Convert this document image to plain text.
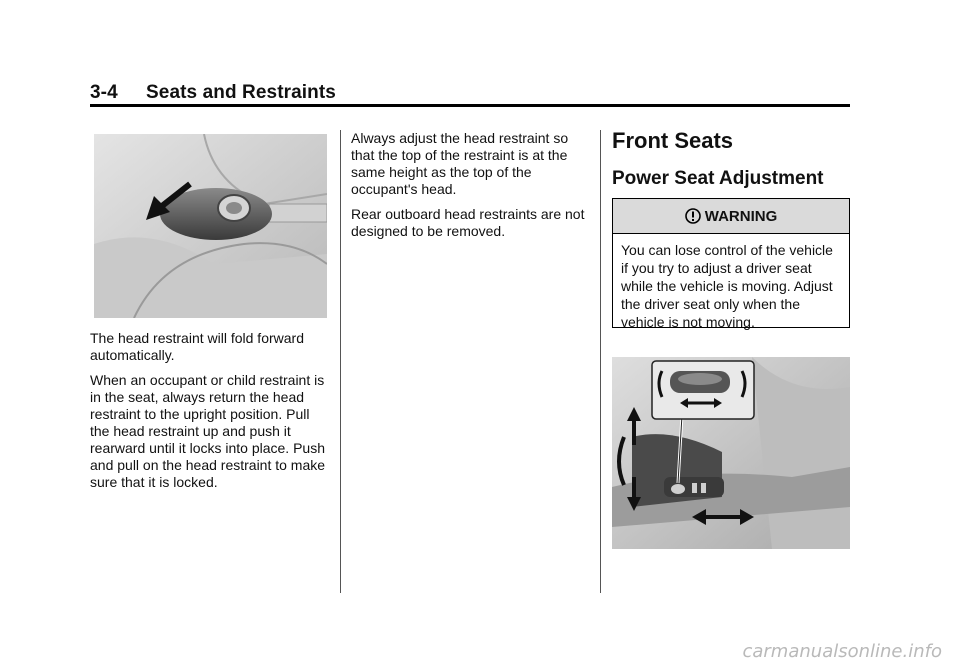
3-4 Seats and Restraints

The head restraint will fold forward automatically.

When an occupant or child restraint is in the seat, always return the head restraint to the upright position. Pull the head restraint up and push it rearward until it locks into place. Push and pull on the head restraint to make sure that it is locked.

Always adjust the head restraint so that the top of the restraint is at the same height as the top of the occupant's head.

Rear outboard head restraints are not designed to be removed.

Front Seats
Power Seat Adjustment
WARNING
You can lose control of the vehicle if you try to adjust a driver seat while the vehicle is moving. Adjust the driver seat only when the vehicle is not moving.
carmanualsonline.info
